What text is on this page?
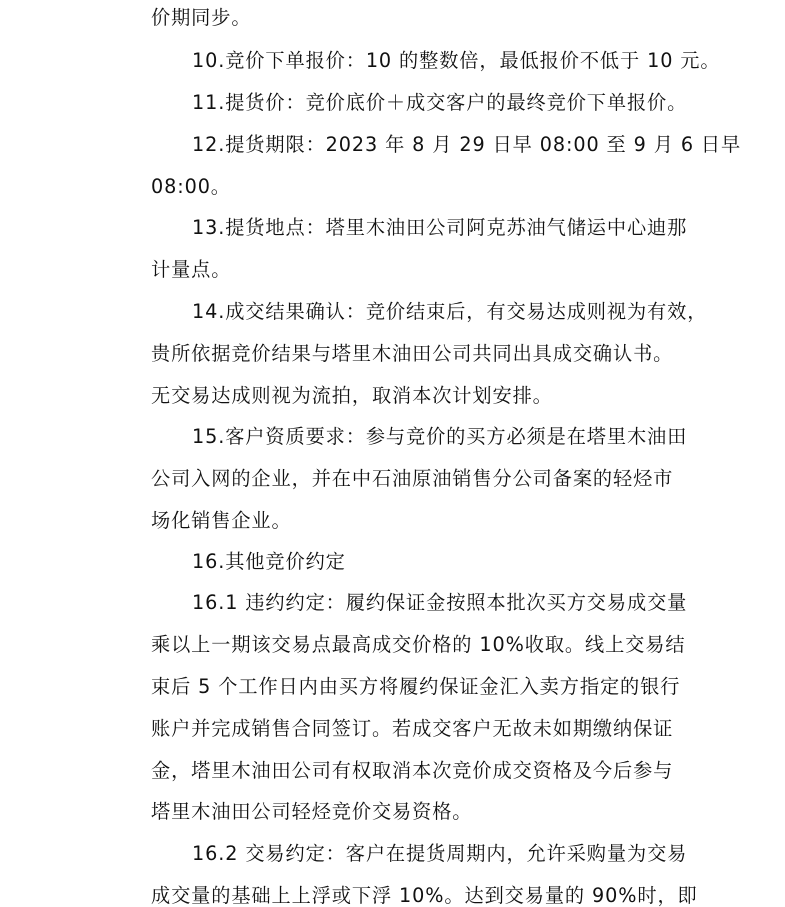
价期同步。
10.竞价下单报价：10 的整数倍，最低报价不低于 10 元。
11.提货价：竞价底价＋成交客户的最终竞价下单报价。
12.提货期限：2023 年 8 月 29 日早 08:00 至 9 月 6 日早
08:00。
13.提货地点：塔里木油田公司阿克苏油气储运中心迪那
计量点。
14.成交结果确认：竞价结束后，有交易达成则视为有效，
贵所依据竞价结果与塔里木油田公司共同出具成交确认书。
无交易达成则视为流拍，取消本次计划安排。
15.客户资质要求：参与竞价的买方必须是在塔里木油田
公司入网的企业，并在中石油原油销售分公司备案的轻烃市
场化销售企业。
16.其他竞价约定
16.1 违约约定：履约保证金按照本批次买方交易成交量
乘以上一期该交易点最高成交价格的 10%收取。线上交易结
束后 5 个工作日内由买方将履约保证金汇入卖方指定的银行
账户并完成销售合同签订。若成交客户无故未如期缴纳保证
金，塔里木油田公司有权取消本次竞价成交资格及今后参与
塔里木油田公司轻烃竞价交易资格。
16.2 交易约定：客户在提货周期内，允许采购量为交易
成交量的基础上上浮或下浮 10%。达到交易量的 90%时，即
